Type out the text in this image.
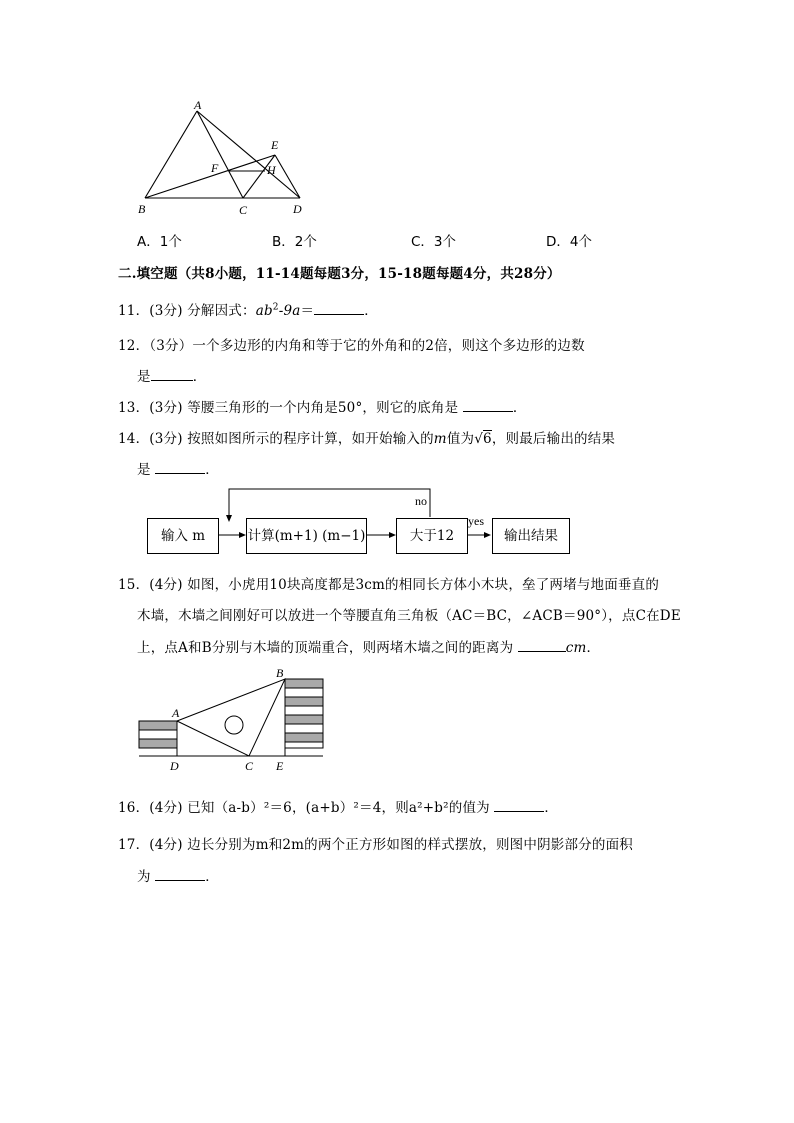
A
B	C	D
E
F	H
A．1个	B．2个	C．3个	D．4个
二.填空题（共8小题，11-14题每题3分，15-18题每题4分，共28分）
11．(3分) 分解因式：$ab^2-9a=$	．
12．（3分）一个多边形的内角和等于它的外角和的2倍，则这个多边形的边数
是	．
13．(3分) 等腰三角形的一个内角是50°，则它的底角是	．
14．(3分) 按照如图所示的程序计算，如开始输入的m值为√6，则最后输出的结果
是	．
no
yes
输入 m	计算(m+1) (m−1)	大于12	输出结果
15．(4分) 如图，小虎用10块高度都是3cm的相同长方体小木块，垒了两堵与地面垂直的
木墙，木墙之间刚好可以放进一个等腰直角三角板（AC＝BC，∠ACB＝90°），点C在DE
上，点A和B分别与木墙的顶端重合，则两堵木墙之间的距离为	cm．
A
B
C
D	E
16．(4分) 已知（a-b）²＝6，(a+b）²＝4，则a²+b²的值为	．
17．(4分) 边长分别为m和2m的两个正方形如图的样式摆放，则图中阴影部分的面积
为	．
